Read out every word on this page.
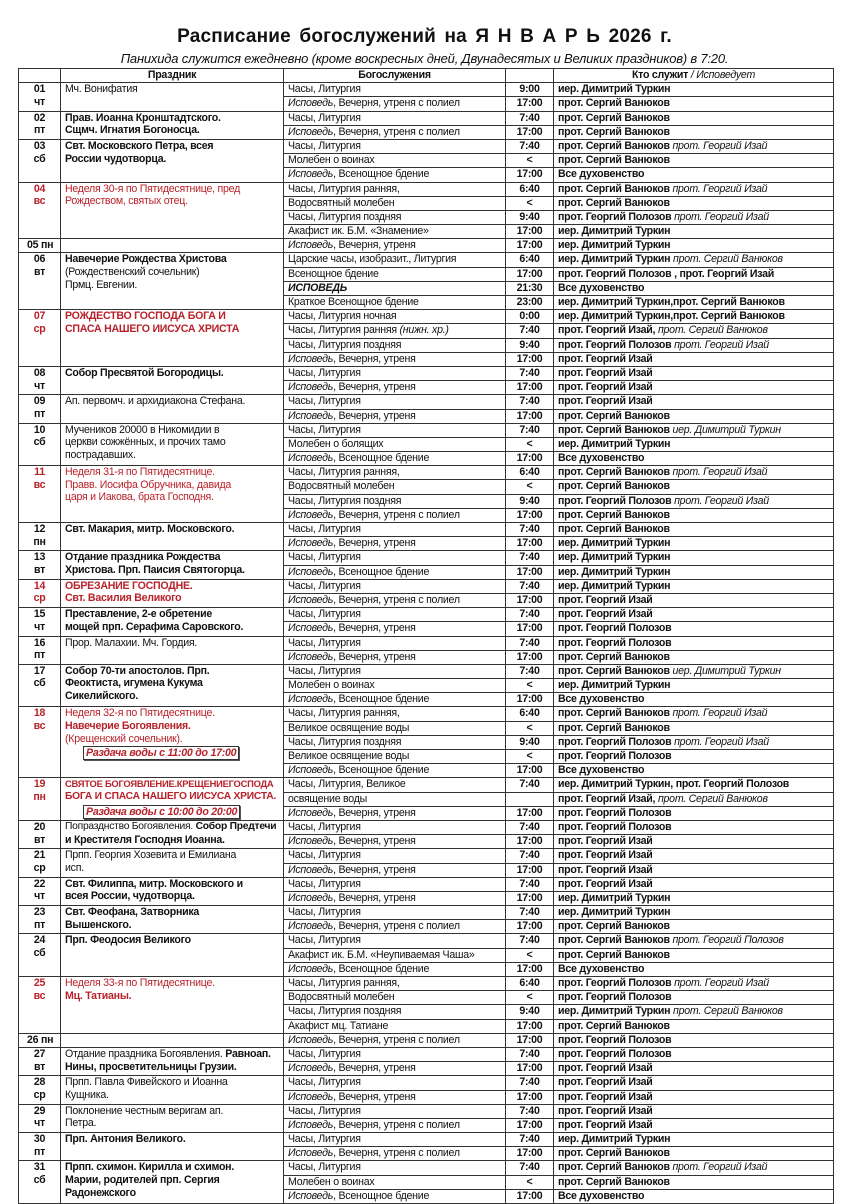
Расписание богослужений на Я Н В А Р Ь 2026 г.
Панихида служится ежедневно (кроме воскресных дней, Двунадесятых и Великих праздников) в 7:20.
	Праздник	Богослужения		Кто служит / Исповедует

01
чт	Мч. Вонифатия	Часы, Литургия	9:00	иер. Димитрий Туркин
		Исповедь, Вечерня, утреня с полиел	17:00	прот. Сергий Ванюков

02
пт	Прав. Иоанна Кронштадтского.
Сщмч. Игнатия Богоносца.	Часы, Литургия	7:40	прот. Сергий Ванюков
		Исповедь, Вечерня, утреня с полиел	17:00	прот. Сергий Ванюков

03
сб	Свт. Московского Петра, всея
России чудотворца.	Часы, Литургия	7:40	прот. Сергий Ванюков прот. Георгий Изай
		Молебен о воинах	<	прот. Сергий Ванюков
		Исповедь, Всенощное бдение	17:00	Все духовенство

04
вс	Неделя 30-я по Пятидесятнице, пред
Рождеством, святых отец.	Часы, Литургия ранняя,	6:40	прот. Сергий Ванюков прот. Георгий Изай
		Водосвятный молебен	<	прот. Сергий Ванюков
		Часы, Литургия поздняя	9:40	прот. Георгий Полозов прот. Георгий Изай
		Акафист ик. Б.М. «Знамение»	17:00	иер. Димитрий Туркин

05 пн		Исповедь, Вечерня, утреня	17:00	иер. Димитрий Туркин

06
вт	Навечерие Рождества Христова
(Рождественский сочельник)
Прмц. Евгении.	Царские часы, изобразит., Литургия	6:40	иер. Димитрий Туркин прот. Сергий Ванюков
		Всенощное бдение	17:00	прот. Георгий Полозов , прот. Георгий Изай
		ИСПОВЕДЬ	21:30	Все духовенство
		Краткое Всенощное бдение	23:00	иер. Димитрий Туркин,прот. Сергий Ванюков

07
ср	РОЖДЕСТВО ГОСПОДА БОГА И
СПАСА НАШЕГО ИИСУСА ХРИСТА	Часы, Литургия ночная	0:00	иер. Димитрий Туркин,прот. Сергий Ванюков
		Часы, Литургия ранняя (нижн. хр.)	7:40	прот. Георгий Изай, прот. Сергий Ванюков
		Часы, Литургия поздняя	9:40	прот. Георгий Полозов прот. Георгий Изай
		Исповедь, Вечерня, утреня	17:00	прот. Георгий Изай

08
чт	Собор Пресвятой Богородицы.	Часы, Литургия	7:40	прот. Георгий Изай
		Исповедь, Вечерня, утреня	17:00	прот. Георгий Изай

09
пт	Ап. первомч. и архидиакона Стефана.	Часы, Литургия	7:40	прот. Георгий Изай
		Исповедь, Вечерня, утреня	17:00	прот. Сергий Ванюков

10
сб	Мучеников 20000 в Никомидии в
церкви сожжённых, и прочих тамо
пострадавших.	Часы, Литургия	7:40	прот. Сергий Ванюков иер. Димитрий Туркин
		Молебен о болящих	<	иер. Димитрий Туркин
		Исповедь, Всенощное бдение	17:00	Все духовенство

11
вс	Неделя 31-я по Пятидесятнице.
Правв. Иосифа Обручника, давида
царя и Иакова, брата Господня.	Часы, Литургия ранняя,	6:40	прот. Сергий Ванюков прот. Георгий Изай
		Водосвятный молебен	<	прот. Сергий Ванюков
		Часы, Литургия поздняя	9:40	прот. Георгий Полозов прот. Георгий Изай
		Исповедь, Вечерня, утреня с полиел	17:00	прот. Сергий Ванюков

12
пн	Свт. Макария, митр. Московского.	Часы, Литургия	7:40	прот. Сергий Ванюков
		Исповедь, Вечерня, утреня	17:00	иер. Димитрий Туркин

13
вт	Отдание праздника Рождества
Христова. Прп. Паисия Святогорца.	Часы, Литургия	7:40	иер. Димитрий Туркин
		Исповедь, Всенощное бдение	17:00	иер. Димитрий Туркин

14
ср	ОБРЕЗАНИЕ ГОСПОДНЕ.
Свт. Василия Великого	Часы, Литургия	7:40	иер. Димитрий Туркин
		Исповедь, Вечерня, утреня с полиел	17:00	прот. Георгий Изай

15
чт	Преставление, 2-е обретение
мощей прп. Серафима Саровского.	Часы, Литургия	7:40	прот. Георгий Изай
		Исповедь, Вечерня, утреня	17:00	прот. Георгий Полозов

16
пт	Прор. Малахии. Мч. Гордия.	Часы, Литургия	7:40	прот. Георгий Полозов
		Исповедь, Вечерня, утреня	17:00	прот. Сергий Ванюков

17
сб	Собор 70-ти апостолов. Прп.
Феоктиста, игумена Кукума
Сикелийского.	Часы, Литургия	7:40	прот. Сергий Ванюков иер. Димитрий Туркин
		Молебен о воинах	<	иер. Димитрий Туркин
		Исповедь, Всенощное бдение	17:00	Все духовенство

18
вс	Неделя 32-я по Пятидесятнице.
Навечерие Богоявления.
(Крещенский сочельник).
Раздача воды с 11:00 до 17:00	Часы, Литургия ранняя,	6:40	прот. Сергий Ванюков прот. Георгий Изай
		Великое освящение воды	<	прот. Сергий Ванюков
		Часы, Литургия поздняя	9:40	прот. Георгий Полозов прот. Георгий Изай
		Великое освящение воды	<	прот. Георгий Полозов
		Исповедь, Всенощное бдение	17:00	Все духовенство

19
пн	СВЯТОЕ БОГОЯВЛЕНИЕ.КРЕЩЕНИЕГОСПОДА
БОГА И СПАСА НАШЕГО ИИСУСА ХРИСТА.
Раздача воды с 10:00 до 20:00	Часы, Литургия, Великое	7:40	иер. Димитрий Туркин, прот. Георгий Полозов
		освящение воды		прот. Георгий Изай, прот. Сергий Ванюков
		Исповедь, Вечерня, утреня	17:00	прот. Георгий Полозов

20
вт	Попразднство Богоявления. Собор Предтечи
и Крестителя Господня Иоанна.	Часы, Литургия	7:40	прот. Георгий Полозов
		Исповедь, Вечерня, утреня	17:00	прот. Георгий Изай

21
ср	Прпп. Георгия Хозевита и Емилиана
исп.	Часы, Литургия	7:40	прот. Георгий Изай
		Исповедь, Вечерня, утреня	17:00	прот. Георгий Изай

22
чт	Свт. Филиппа, митр. Московского и
всея России, чудотворца.	Часы, Литургия	7:40	прот. Георгий Изай
		Исповедь, Вечерня, утреня	17:00	иер. Димитрий Туркин

23
пт	Свт. Феофана, Затворника
Вышенского.	Часы, Литургия	7:40	иер. Димитрий Туркин
		Исповедь, Вечерня, утреня с полиел	17:00	прот. Сергий Ванюков

24
сб	Прп. Феодосия Великого	Часы, Литургия	7:40	прот. Сергий Ванюков прот. Георгий Полозов
		Акафист ик. Б.М. «Неупиваемая Чаша»	<	прот. Сергий Ванюков
		Исповедь, Всенощное бдение	17:00	Все духовенство

25
вс	Неделя 33-я по Пятидесятнице.
Мц. Татианы.	Часы, Литургия ранняя,	6:40	прот. Георгий Полозов прот. Георгий Изай
		Водосвятный молебен	<	прот. Георгий Полозов
		Часы, Литургия поздняя	9:40	иер. Димитрий Туркин прот. Сергий Ванюков
		Акафист мц. Татиане	17:00	прот. Сергий Ванюков

26 пн		Исповедь, Вечерня, утреня с полиел	17:00	прот. Георгий Полозов

27
вт	Отдание праздника Богоявления. Равноап.
Нины, просветительницы Грузии.	Часы, Литургия	7:40	прот. Георгий Полозов
		Исповедь, Вечерня, утреня	17:00	прот. Георгий Изай

28
ср	Прпп. Павла Фивейского и Иоанна
Кущника.	Часы, Литургия	7:40	прот. Георгий Изай
		Исповедь, Вечерня, утреня	17:00	прот. Георгий Изай

29
чт	Поклонение честным веригам ап.
Петра.	Часы, Литургия	7:40	прот. Георгий Изай
		Исповедь, Вечерня, утреня с полиел	17:00	прот. Георгий Изай

30
пт	Прп. Антония Великого.	Часы, Литургия	7:40	иер. Димитрий Туркин
		Исповедь, Вечерня, утреня с полиел	17:00	прот. Сергий Ванюков

31
сб	Прпп. схимон. Кирилла и схимон.
Марии, родителей прп. Сергия
Радонежского	Часы, Литургия	7:40	прот. Сергий Ванюков прот. Георгий Изай
		Молебен о воинах	<	прот. Сергий Ванюков
		Исповедь, Всенощное бдение	17:00	Все духовенство
